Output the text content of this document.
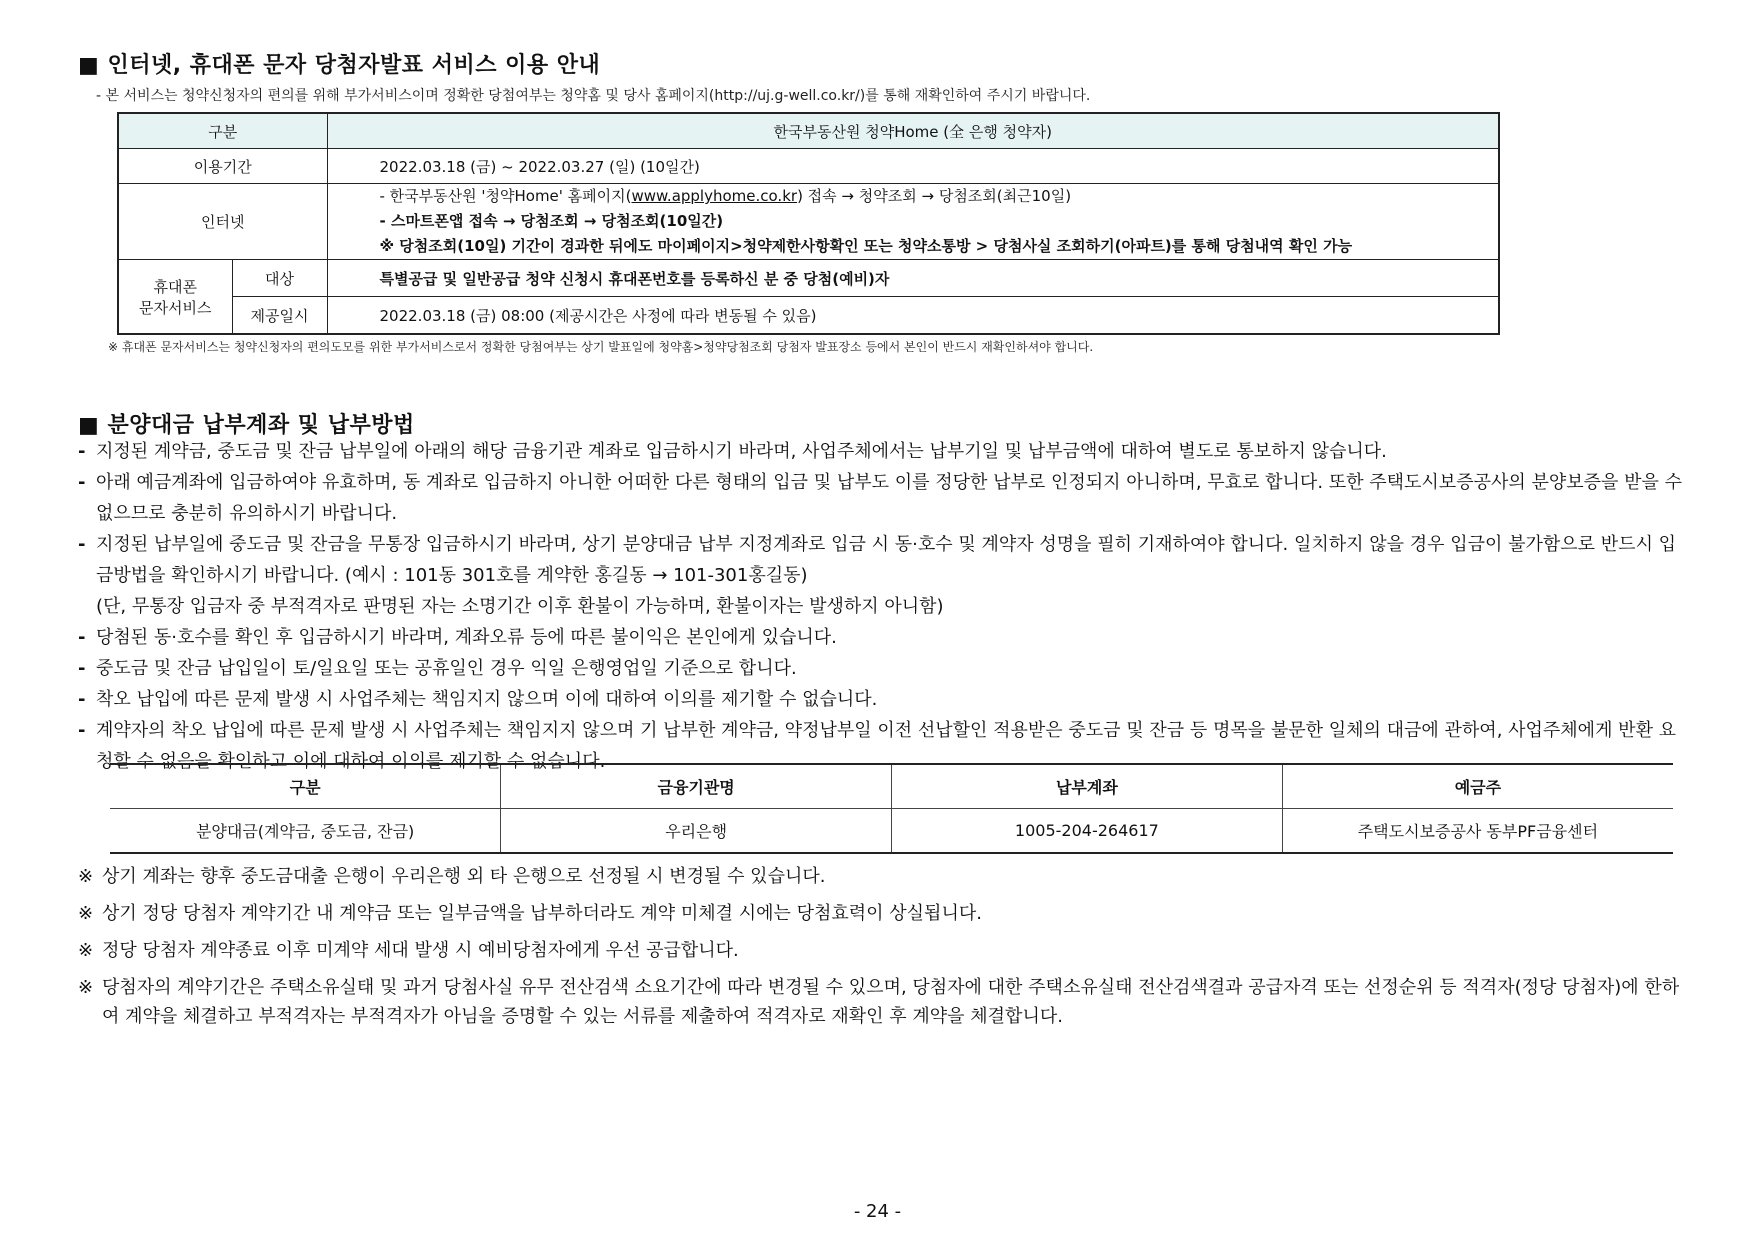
■ 인터넷, 휴대폰 문자 당첨자발표 서비스 이용 안내
- 본 서비스는 청약신청자의 편의를 위해 부가서비스이며 정확한 당첨여부는 청약홈 및 당사 홈페이지(http://uj.g-well.co.kr/)를 통해 재확인하여 주시기 바랍니다.
구분		한국부동산원 청약Home (全 은행 청약자)
이용기간		2022.03.18 (금) ~ 2022.03.27 (일) (10일간)
인터넷		- 한국부동산원 '청약Home' 홈페이지(www.applyhome.co.kr) 접속 → 청약조회 → 당첨조회(최근10일)
- 스마트폰앱 접속 → 당첨조회 → 당첨조회(10일간)
※ 당첨조회(10일) 기간이 경과한 뒤에도 마이페이지>청약제한사항확인 또는 청약소통방 > 당첨사실 조회하기(아파트)를 통해 당첨내역 확인 가능

휴대폰
문자서비스	대상	특별공급 및 일반공급 청약 신청시 휴대폰번호를 등록하신 분 중 당첨(예비)자
	제공일시	2022.03.18 (금) 08:00 (제공시간은 사정에 따라 변동될 수 있음)
※ 휴대폰 문자서비스는 청약신청자의 편의도모를 위한 부가서비스로서 정확한 당첨여부는 상기 발표일에 청약홈>청약당첨조회 당첨자 발표장소 등에서 본인이 반드시 재확인하셔야 합니다.
■ 분양대금 납부계좌 및 납부방법
- 지정된 계약금, 중도금 및 잔금 납부일에 아래의 해당 금융기관 계좌로 입금하시기 바라며, 사업주체에서는 납부기일 및 납부금액에 대하여 별도로 통보하지 않습니다.
- 아래 예금계좌에 입금하여야 유효하며, 동 계좌로 입금하지 아니한 어떠한 다른 형태의 입금 및 납부도 이를 정당한 납부로 인정되지 아니하며, 무효로 합니다. 또한 주택도시보증공사의 분양보증을 받을 수 없으므로 충분히 유의하시기 바랍니다.
- 지정된 납부일에 중도금 및 잔금을 무통장 입금하시기 바라며, 상기 분양대금 납부 지정계좌로 입금 시 동·호수 및 계약자 성명을 필히 기재하여야 합니다. 일치하지 않을 경우 입금이 불가함으로 반드시 입금방법을 확인하시기 바랍니다. (예시 : 101동 301호를 계약한 홍길동 → 101-301홍길동)
(단, 무통장 입금자 중 부적격자로 판명된 자는 소명기간 이후 환불이 가능하며, 환불이자는 발생하지 아니함)
- 당첨된 동·호수를 확인 후 입금하시기 바라며, 계좌오류 등에 따른 불이익은 본인에게 있습니다.
- 중도금 및 잔금 납입일이 토/일요일 또는 공휴일인 경우 익일 은행영업일 기준으로 합니다.
- 착오 납입에 따른 문제 발생 시 사업주체는 책임지지 않으며 이에 대하여 이의를 제기할 수 없습니다.
- 계약자의 착오 납입에 따른 문제 발생 시 사업주체는 책임지지 않으며 기 납부한 계약금, 약정납부일 이전 선납할인 적용받은 중도금 및 잔금 등 명목을 불문한 일체의 대금에 관하여, 사업주체에게 반환 요청할 수 없음을 확인하고 이에 대하여 이의를 제기할 수 없습니다.
구분	금융기관명	납부계좌	예금주
분양대금(계약금, 중도금, 잔금)	우리은행	1005-204-264617	주택도시보증공사 동부PF금융센터
※ 상기 계좌는 향후 중도금대출 은행이 우리은행 외 타 은행으로 선정될 시 변경될 수 있습니다.
※ 상기 정당 당첨자 계약기간 내 계약금 또는 일부금액을 납부하더라도 계약 미체결 시에는 당첨효력이 상실됩니다.
※ 정당 당첨자 계약종료 이후 미계약 세대 발생 시 예비당첨자에게 우선 공급합니다.
※ 당첨자의 계약기간은 주택소유실태 및 과거 당첨사실 유무 전산검색 소요기간에 따라 변경될 수 있으며, 당첨자에 대한 주택소유실태 전산검색결과 공급자격 또는 선정순위 등 적격자(정당 당첨자)에 한하여 계약을 체결하고 부적격자는 부적격자가 아님을 증명할 수 있는 서류를 제출하여 적격자로 재확인 후 계약을 체결합니다.
- 24 -
